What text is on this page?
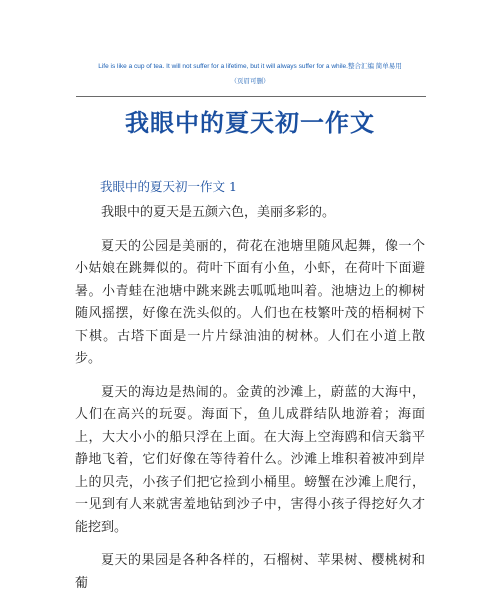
Life is like a cup of tea. It will not suffer for a lifetime, but it will always suffer for a while.整合汇编 简单易用
（页眉可删）
我眼中的夏天初一作文
我眼中的夏天初一作文 1

我眼中的夏天是五颜六色，美丽多彩的。

夏天的公园是美丽的，荷花在池塘里随风起舞，像一个小姑娘在跳舞似的。荷叶下面有小鱼，小虾，在荷叶下面避暑。小青蛙在池塘中跳来跳去呱呱地叫着。池塘边上的柳树随风摇摆，好像在洗头似的。人们也在枝繁叶茂的梧桐树下下棋。古塔下面是一片片绿油油的树林。人们在小道上散步。

夏天的海边是热闹的。金黄的沙滩上，蔚蓝的大海中，人们在高兴的玩耍。海面下，鱼儿成群结队地游着；海面上，大大小小的船只浮在上面。在大海上空海鸥和信天翁平静地飞着，它们好像在等待着什么。沙滩上堆积着被冲到岸上的贝壳，小孩子们把它捡到小桶里。螃蟹在沙滩上爬行，一见到有人来就害羞地钻到沙子中，害得小孩子得挖好久才能挖到。

夏天的果园是各种各样的，石榴树、苹果树、樱桃树和葡
